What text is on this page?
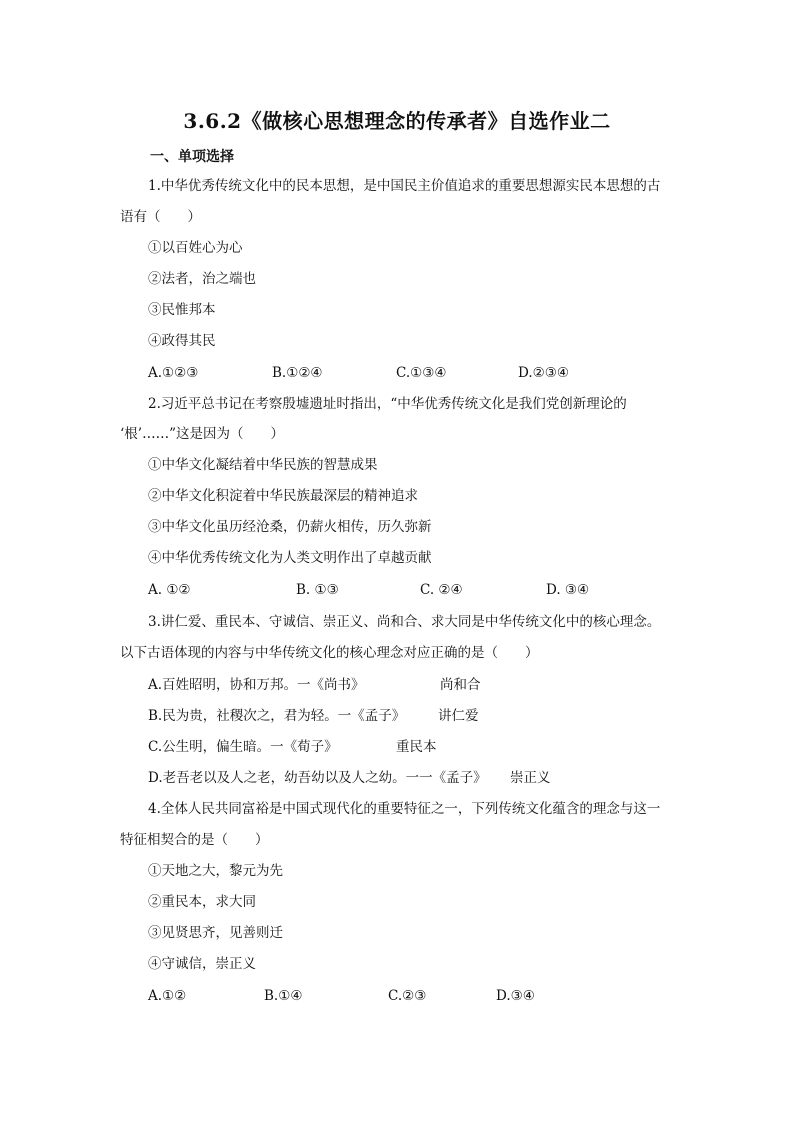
3.6.2《做核心思想理念的传承者》自选作业二
一、单项选择
1.中华优秀传统文化中的民本思想，是中国民主价值追求的重要思想源实民本思想的古
语有（　　）
①以百姓心为心
②法者，治之端也
③民惟邦本
④政得其民
A.①②③	B.①②④	C.①③④	D.②③④
2.习近平总书记在考察殷墟遗址时指出，“中华优秀传统文化是我们党创新理论的
‘根’……”这是因为（　　）
①中华文化凝结着中华民族的智慧成果
②中华文化积淀着中华民族最深层的精神追求
③中华文化虽历经沧桑，仍薪火相传，历久弥新
④中华优秀传统文化为人类文明作出了卓越贡献
A. ①②	B. ①③	C. ②④	D. ③④
3.讲仁爱、重民本、守诚信、崇正义、尚和合、求大同是中华传统文化中的核心理念。
以下古语体现的内容与中华传统文化的核心理念对应正确的是（　　）
A.百姓昭明，协和万邦。一《尚书》	尚和合
B.民为贵，社稷次之，君为轻。一《孟子》 讲仁爱
C.公生明，偏生暗。一《荀子》	重民本
D.老吾老以及人之老，幼吾幼以及人之幼。一一《孟子》 崇正义
4.全体人民共同富裕是中国式现代化的重要特征之一，下列传统文化蕴含的理念与这一
特征相契合的是（　　）
①天地之大，黎元为先
②重民本，求大同
③见贤思齐，见善则迁
④守诚信，崇正义
A.①②	B.①④	C.②③	D.③④
